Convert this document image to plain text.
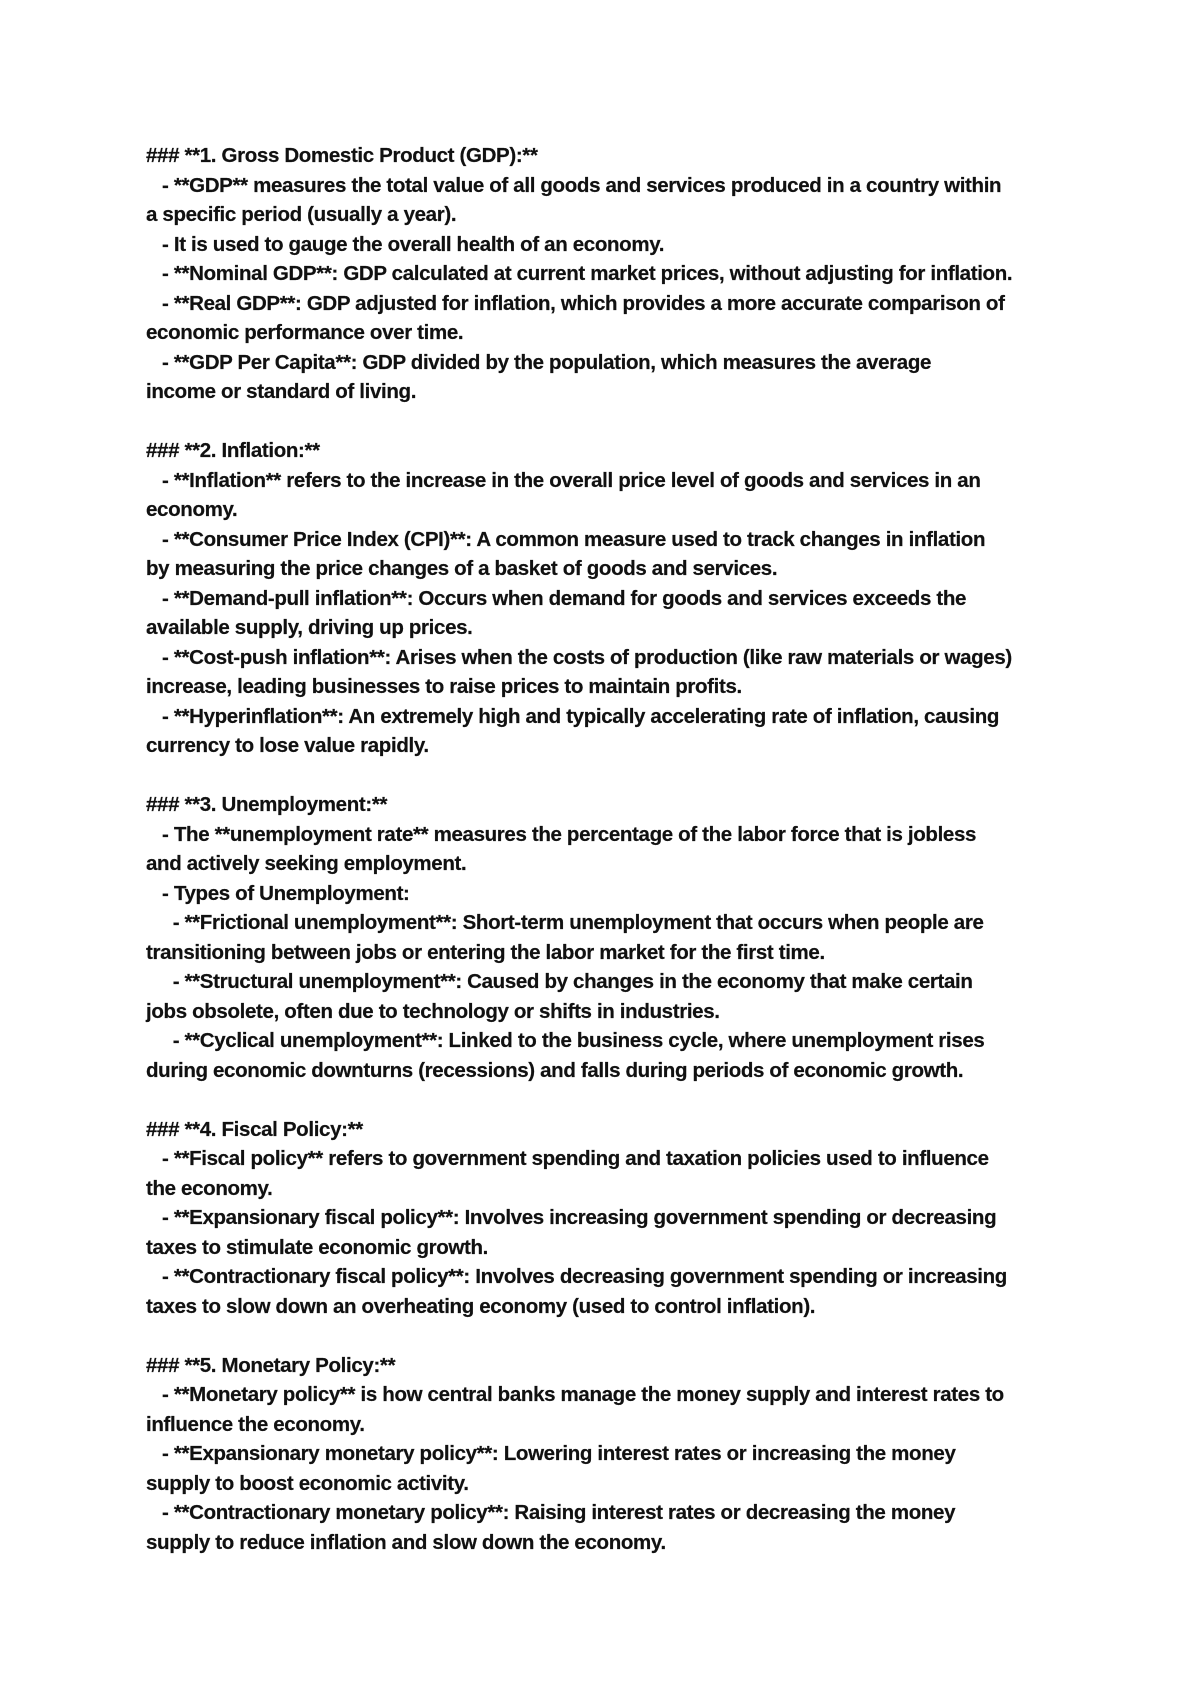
### **1. Gross Domestic Product (GDP):**
- **GDP** measures the total value of all goods and services produced in a country within
a specific period (usually a year).
- It is used to gauge the overall health of an economy.
- **Nominal GDP**: GDP calculated at current market prices, without adjusting for inflation.
- **Real GDP**: GDP adjusted for inflation, which provides a more accurate comparison of
economic performance over time.
- **GDP Per Capita**: GDP divided by the population, which measures the average
income or standard of living.
### **2. Inflation:**
- **Inflation** refers to the increase in the overall price level of goods and services in an
economy.
- **Consumer Price Index (CPI)**: A common measure used to track changes in inflation
by measuring the price changes of a basket of goods and services.
- **Demand-pull inflation**: Occurs when demand for goods and services exceeds the
available supply, driving up prices.
- **Cost-push inflation**: Arises when the costs of production (like raw materials or wages)
increase, leading businesses to raise prices to maintain profits.
- **Hyperinflation**: An extremely high and typically accelerating rate of inflation, causing
currency to lose value rapidly.
### **3. Unemployment:**
- The **unemployment rate** measures the percentage of the labor force that is jobless
and actively seeking employment.
- Types of Unemployment:
- **Frictional unemployment**: Short-term unemployment that occurs when people are
transitioning between jobs or entering the labor market for the first time.
- **Structural unemployment**: Caused by changes in the economy that make certain
jobs obsolete, often due to technology or shifts in industries.
- **Cyclical unemployment**: Linked to the business cycle, where unemployment rises
during economic downturns (recessions) and falls during periods of economic growth.
### **4. Fiscal Policy:**
- **Fiscal policy** refers to government spending and taxation policies used to influence
the economy.
- **Expansionary fiscal policy**: Involves increasing government spending or decreasing
taxes to stimulate economic growth.
- **Contractionary fiscal policy**: Involves decreasing government spending or increasing
taxes to slow down an overheating economy (used to control inflation).
### **5. Monetary Policy:**
- **Monetary policy** is how central banks manage the money supply and interest rates to
influence the economy.
- **Expansionary monetary policy**: Lowering interest rates or increasing the money
supply to boost economic activity.
- **Contractionary monetary policy**: Raising interest rates or decreasing the money
supply to reduce inflation and slow down the economy.
